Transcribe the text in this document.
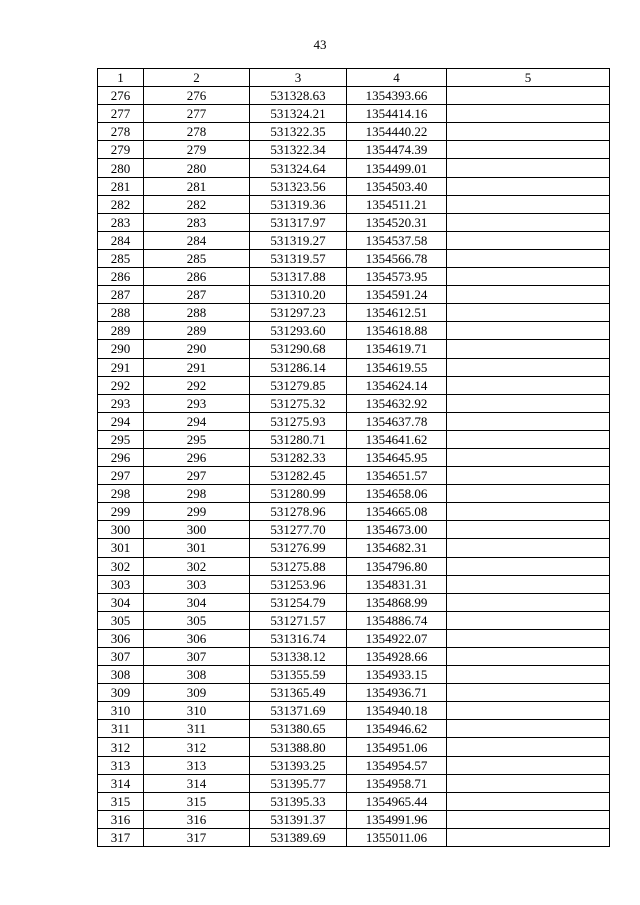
43
1	2	3	4	5
276	276	531328.63	1354393.66	
277	277	531324.21	1354414.16	
278	278	531322.35	1354440.22	
279	279	531322.34	1354474.39	
280	280	531324.64	1354499.01	
281	281	531323.56	1354503.40	
282	282	531319.36	1354511.21	
283	283	531317.97	1354520.31	
284	284	531319.27	1354537.58	
285	285	531319.57	1354566.78	
286	286	531317.88	1354573.95	
287	287	531310.20	1354591.24	
288	288	531297.23	1354612.51	
289	289	531293.60	1354618.88	
290	290	531290.68	1354619.71	
291	291	531286.14	1354619.55	
292	292	531279.85	1354624.14	
293	293	531275.32	1354632.92	
294	294	531275.93	1354637.78	
295	295	531280.71	1354641.62	
296	296	531282.33	1354645.95	
297	297	531282.45	1354651.57	
298	298	531280.99	1354658.06	
299	299	531278.96	1354665.08	
300	300	531277.70	1354673.00	
301	301	531276.99	1354682.31	
302	302	531275.88	1354796.80	
303	303	531253.96	1354831.31	
304	304	531254.79	1354868.99	
305	305	531271.57	1354886.74	
306	306	531316.74	1354922.07	
307	307	531338.12	1354928.66	
308	308	531355.59	1354933.15	
309	309	531365.49	1354936.71	
310	310	531371.69	1354940.18	
311	311	531380.65	1354946.62	
312	312	531388.80	1354951.06	
313	313	531393.25	1354954.57	
314	314	531395.77	1354958.71	
315	315	531395.33	1354965.44	
316	316	531391.37	1354991.96	
317	317	531389.69	1355011.06	
